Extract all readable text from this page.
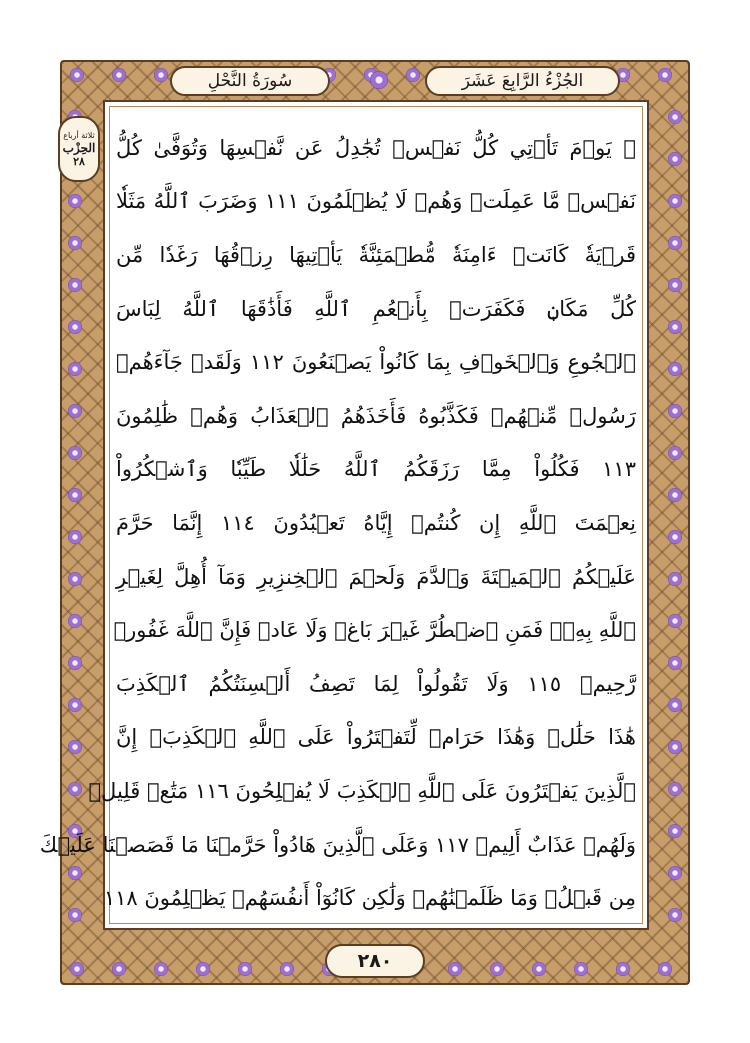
الجُزْءُ الرَّابِعَ عَشَرَ
سُورَةُ النَّحْلِ
ثلاثة أرباع
الحِزْب
٢٨
۞ يَوۡمَ تَأۡتِي كُلُّ نَفۡسٖ تُجَٰدِلُ عَن نَّفۡسِهَا وَتُوَفَّىٰ كُلُّ
نَفۡسٖ مَّا عَمِلَتۡ وَهُمۡ لَا يُظۡلَمُونَ ١١١ وَضَرَبَ ٱللَّهُ مَثَلٗا
قَرۡيَةٗ كَانَتۡ ءَامِنَةٗ مُّطۡمَئِنَّةٗ يَأۡتِيهَا رِزۡقُهَا رَغَدٗا مِّن
كُلِّ مَكَانٖ فَكَفَرَتۡ بِأَنۡعُمِ ٱللَّهِ فَأَذَٰقَهَا ٱللَّهُ لِبَاسَ
ٱلۡجُوعِ وَٱلۡخَوۡفِ بِمَا كَانُواْ يَصۡنَعُونَ ١١٢ وَلَقَدۡ جَآءَهُمۡ
رَسُولٞ مِّنۡهُمۡ فَكَذَّبُوهُ فَأَخَذَهُمُ ٱلۡعَذَابُ وَهُمۡ ظَٰلِمُونَ
١١٣ فَكُلُواْ مِمَّا رَزَقَكُمُ ٱللَّهُ حَلَٰلٗا طَيِّبٗا وَٱشۡكُرُواْ
نِعۡمَتَ ٱللَّهِ إِن كُنتُمۡ إِيَّاهُ تَعۡبُدُونَ ١١٤ إِنَّمَا حَرَّمَ
عَلَيۡكُمُ ٱلۡمَيۡتَةَ وَٱلدَّمَ وَلَحۡمَ ٱلۡخِنزِيرِ وَمَآ أُهِلَّ لِغَيۡرِ
ٱللَّهِ بِهِۦۖ فَمَنِ ٱضۡطُرَّ غَيۡرَ بَاغٖ وَلَا عَادٖ فَإِنَّ ٱللَّهَ غَفُورٞ
رَّحِيمٞ ١١٥ وَلَا تَقُولُواْ لِمَا تَصِفُ أَلۡسِنَتُكُمُ ٱلۡكَذِبَ
هَٰذَا حَلَٰلٞ وَهَٰذَا حَرَامٞ لِّتَفۡتَرُواْ عَلَى ٱللَّهِ ٱلۡكَذِبَۚ إِنَّ
ٱلَّذِينَ يَفۡتَرُونَ عَلَى ٱللَّهِ ٱلۡكَذِبَ لَا يُفۡلِحُونَ ١١٦ مَتَٰعٞ قَلِيلٞ
وَلَهُمۡ عَذَابٌ أَلِيمٞ ١١٧ وَعَلَى ٱلَّذِينَ هَادُواْ حَرَّمۡنَا مَا قَصَصۡنَا عَلَيۡكَ
مِن قَبۡلُۖ وَمَا ظَلَمۡنَٰهُمۡ وَلَٰكِن كَانُوٓاْ أَنفُسَهُمۡ يَظۡلِمُونَ ١١٨
٢٨٠
